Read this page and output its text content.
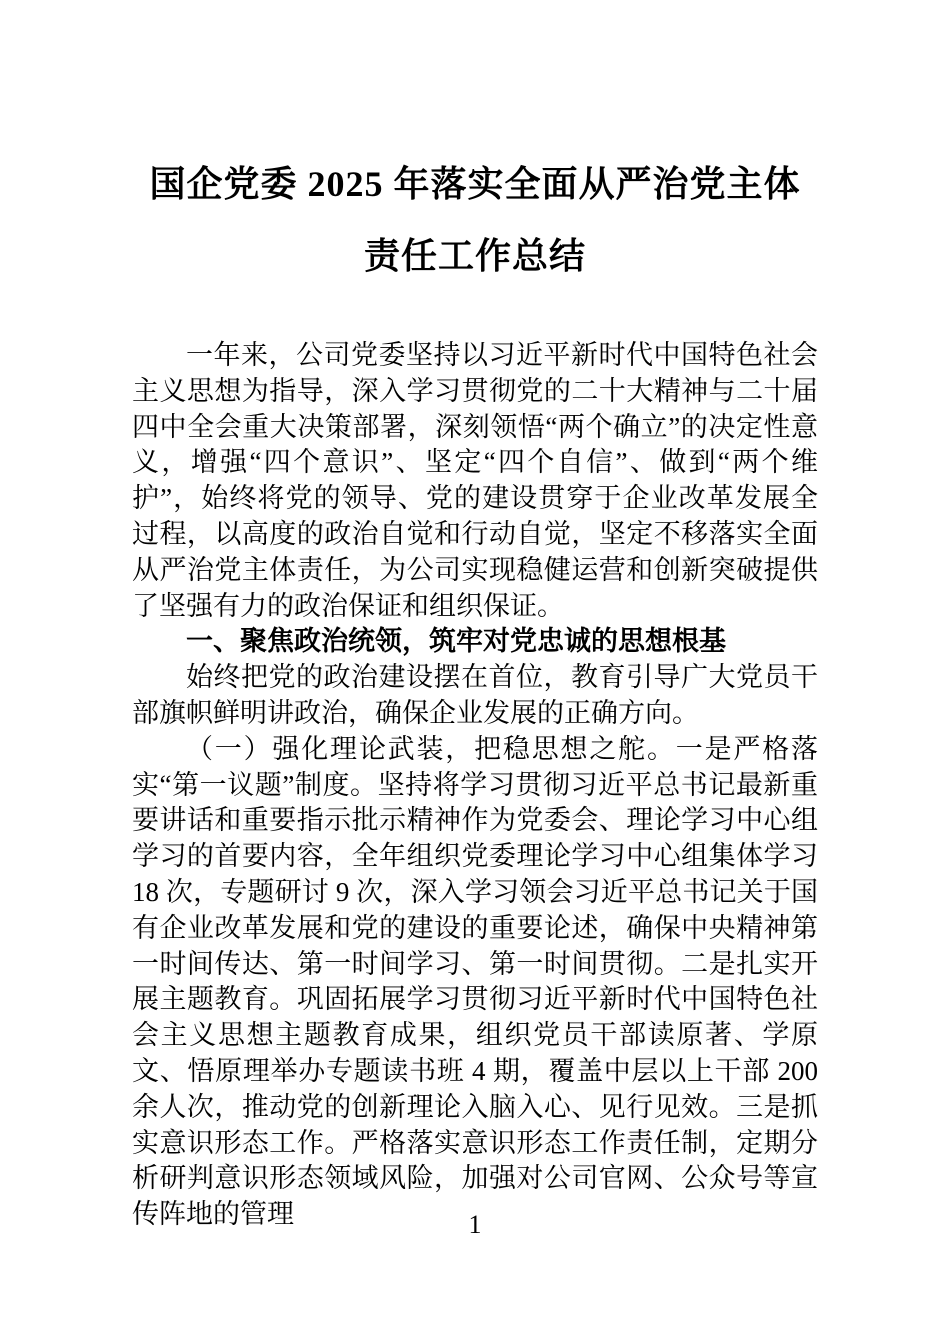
国企党委 2025 年落实全面从严治党主体责任工作总结

一年来，公司党委坚持以习近平新时代中国特色社会主义思想为指导，深入学习贯彻党的二十大精神与二十届四中全会重大决策部署，深刻领悟“两个确立”的决定性意义，增强“四个意识”、坚定“四个自信”、做到“两个维护”，始终将党的领导、党的建设贯穿于企业改革发展全过程，以高度的政治自觉和行动自觉，坚定不移落实全面从严治党主体责任，为公司实现稳健运营和创新突破提供了坚强有力的政治保证和组织保证。

一、聚焦政治统领，筑牢对党忠诚的思想根基

始终把党的政治建设摆在首位，教育引导广大党员干部旗帜鲜明讲政治，确保企业发展的正确方向。

（一）强化理论武装，把稳思想之舵。一是严格落实“第一议题”制度。坚持将学习贯彻习近平总书记最新重要讲话和重要指示批示精神作为党委会、理论学习中心组学习的首要内容，全年组织党委理论学习中心组集体学习 18 次，专题研讨 9 次，深入学习领会习近平总书记关于国有企业改革发展和党的建设的重要论述，确保中央精神第一时间传达、第一时间学习、第一时间贯彻。二是扎实开展主题教育。巩固拓展学习贯彻习近平新时代中国特色社会主义思想主题教育成果，组织党员干部读原著、学原文、悟原理举办专题读书班 4 期，覆盖中层以上干部 200 余人次，推动党的创新理论入脑入心、见行见效。三是抓实意识形态工作。严格落实意识形态工作责任制，定期分析研判意识形态领域风险，加强对公司官网、公众号等宣传阵地的管理	1
